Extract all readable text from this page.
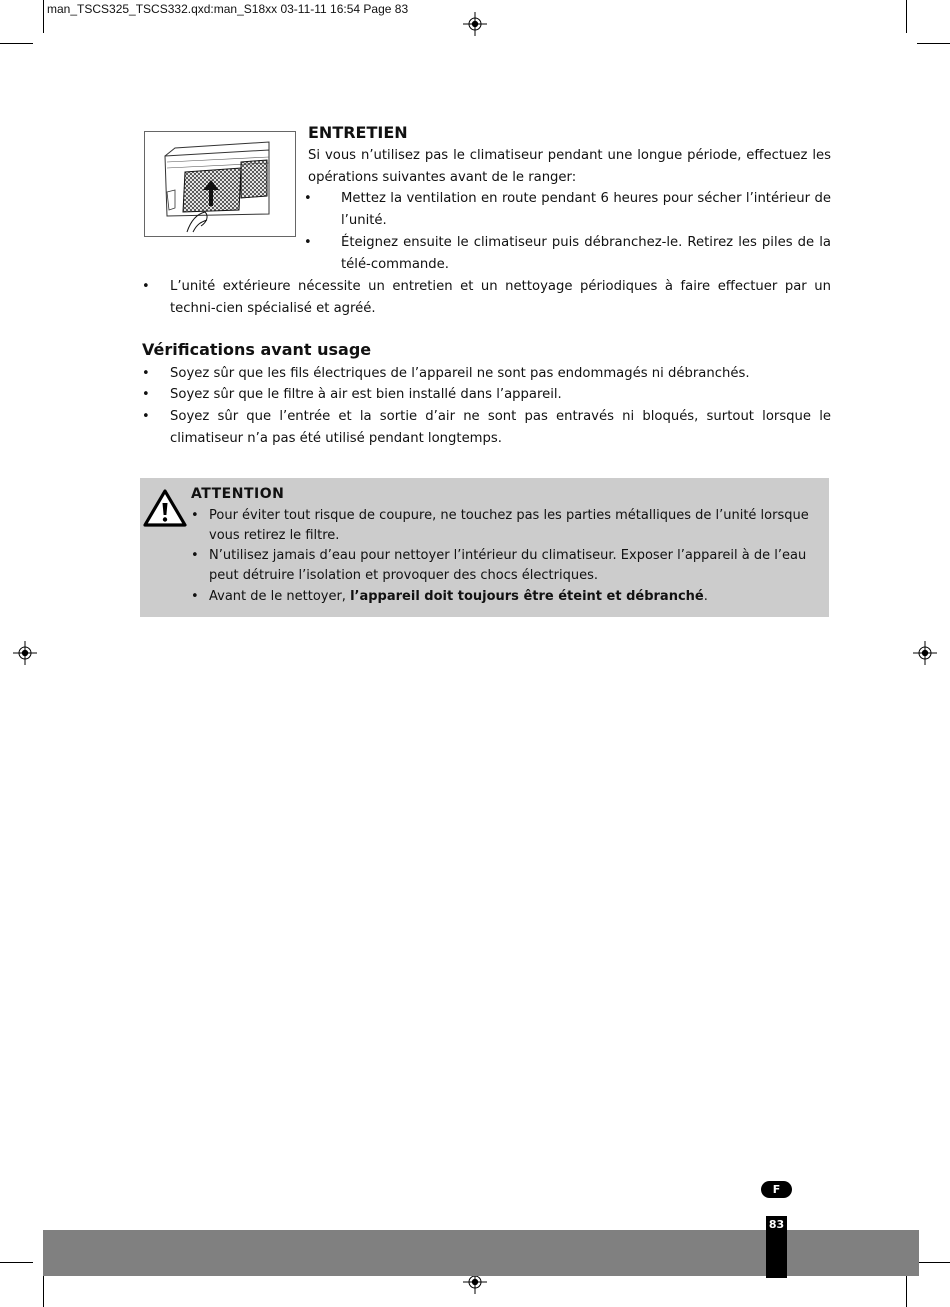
man_TSCS325_TSCS332.qxd:man_S18xx 03-11-11 16:54 Page 83
ENTRETIEN
Si vous n’utilisez pas le climatiseur pendant une longue période, effectuez les opérations suivantes avant de le ranger:
• Mettez la ventilation en route pendant 6 heures pour sécher l’intérieur de l’unité.
• Éteignez ensuite le climatiseur puis débranchez-le. Retirez les piles de la télé-commande.
• L’unité extérieure nécessite un entretien et un nettoyage périodiques à faire effectuer par un techni-cien spécialisé et agréé.
Vérifications avant usage
• Soyez sûr que les fils électriques de l’appareil ne sont pas endommagés ni débranchés.
• Soyez sûr que le filtre à air est bien installé dans l’appareil.
• Soyez sûr que l’entrée et la sortie d’air ne sont pas entravés ni bloqués, surtout lorsque le climatiseur n’a pas été utilisé pendant longtemps.
ATTENTION
• Pour éviter tout risque de coupure, ne touchez pas les parties métalliques de l’unité lorsque vous retirez le filtre.
• N’utilisez jamais d’eau pour nettoyer l’intérieur du climatiseur. Exposer l’appareil à de l’eau peut détruire l’isolation et provoquer des chocs électriques.
• Avant de le nettoyer, l’appareil doit toujours être éteint et débranché.
F
83
